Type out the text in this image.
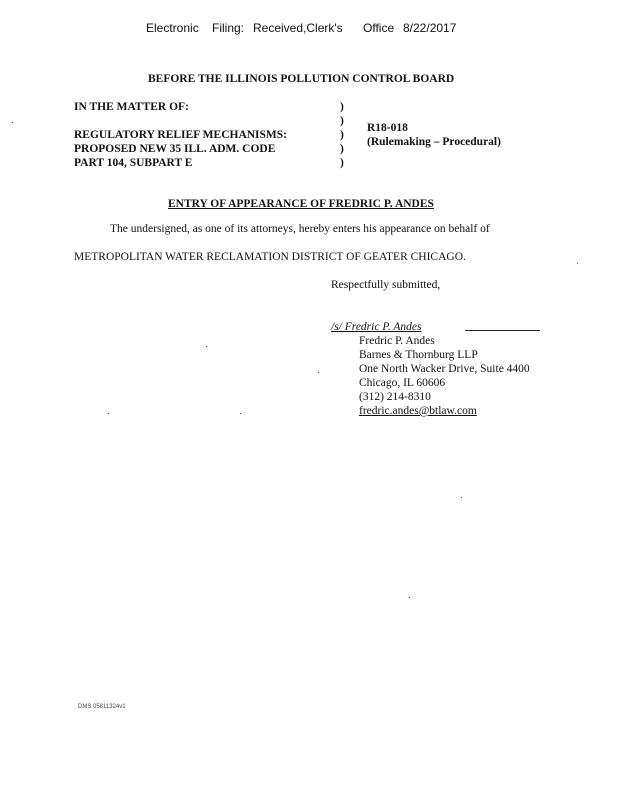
Electronic Filing: Received,Clerk's Office 8/22/2017
BEFORE THE ILLINOIS POLLUTION CONTROL BOARD
IN THE MATTER OF:
REGULATORY RELIEF MECHANISMS:
PROPOSED NEW 35 ILL. ADM. CODE
PART 104, SUBPART E
)
)
)
)
)
R18-018
(Rulemaking – Procedural)
ENTRY OF APPEARANCE OF FREDRIC P. ANDES
The undersigned, as one of its attorneys, hereby enters his appearance on behalf of
METROPOLITAN WATER RECLAMATION DISTRICT OF GEATER CHICAGO.
Respectfully submitted,
/s/ Fredric P. Andes
Fredric P. Andes
Barnes & Thornburg LLP
One North Wacker Drive, Suite 4400
Chicago, IL 60606
(312) 214-8310
fredric.andes@btlaw.com
DMS 05811324v1
